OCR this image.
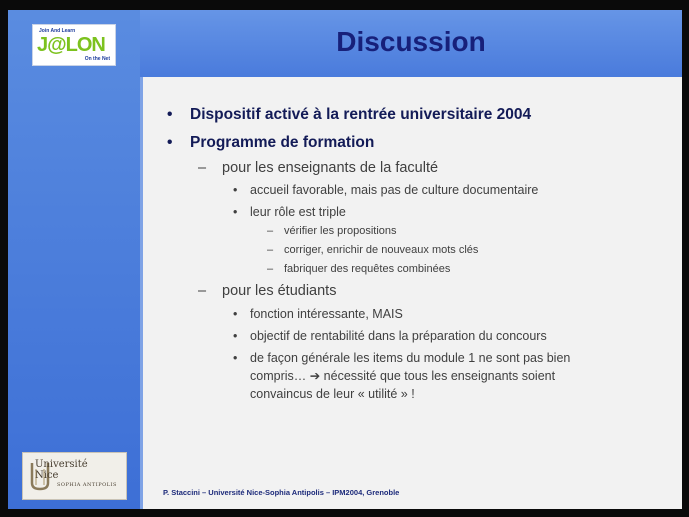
Discussion
Join And Learn
J@LON
On the Net
Université
Nice
SOPHIA ANTIPOLIS
• Dispositif activé à la rentrée universitaire 2004
• Programme de formation
– pour les enseignants de la faculté
• accueil favorable, mais pas de culture documentaire
• leur rôle est triple
– vérifier les propositions
– corriger, enrichir de nouveaux mots clés
– fabriquer des requêtes combinées
– pour les étudiants
• fonction intéressante, MAIS
• objectif de rentabilité dans la préparation du concours
• de façon générale les items du module 1 ne sont pas bien
compris… ➔ nécessité que tous les enseignants soient
convaincus de leur « utilité » !
P. Staccini – Université Nice-Sophia Antipolis – IPM2004, Grenoble
